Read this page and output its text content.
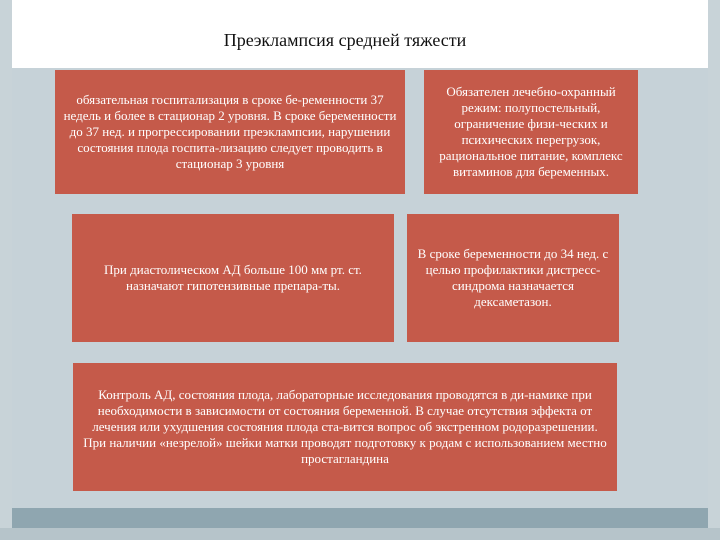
Преэклампсия средней тяжести
обязательная госпитализация в сроке бе-ременности 37 недель и более в стационар 2 уровня. В сроке беременности до 37 нед. и прогрессировании преэклампсии, нарушении состояния плода госпита-лизацию следует проводить в стационар 3 уровня
Обязателен лечебно-охранный режим: полупостельный, ограничение физи-ческих и психических перегрузок, рациональное питание, комплекс витаминов для беременных.
При диастолическом АД больше 100 мм рт. ст. назначают гипотензивные препара-ты.
В сроке беременности до 34 нед. с целью профилактики дистресс-синдрома назначается дексаметазон.
Контроль АД, состояния плода, лабораторные исследования проводятся в ди-намике при необходимости в зависимости от состояния беременной. В случае отсутствия эффекта от лечения или ухудшения состояния плода ста-вится вопрос об экстренном родоразрешении. При наличии «незрелой» шейки матки проводят подготовку к родам с использованием местно простагландина
